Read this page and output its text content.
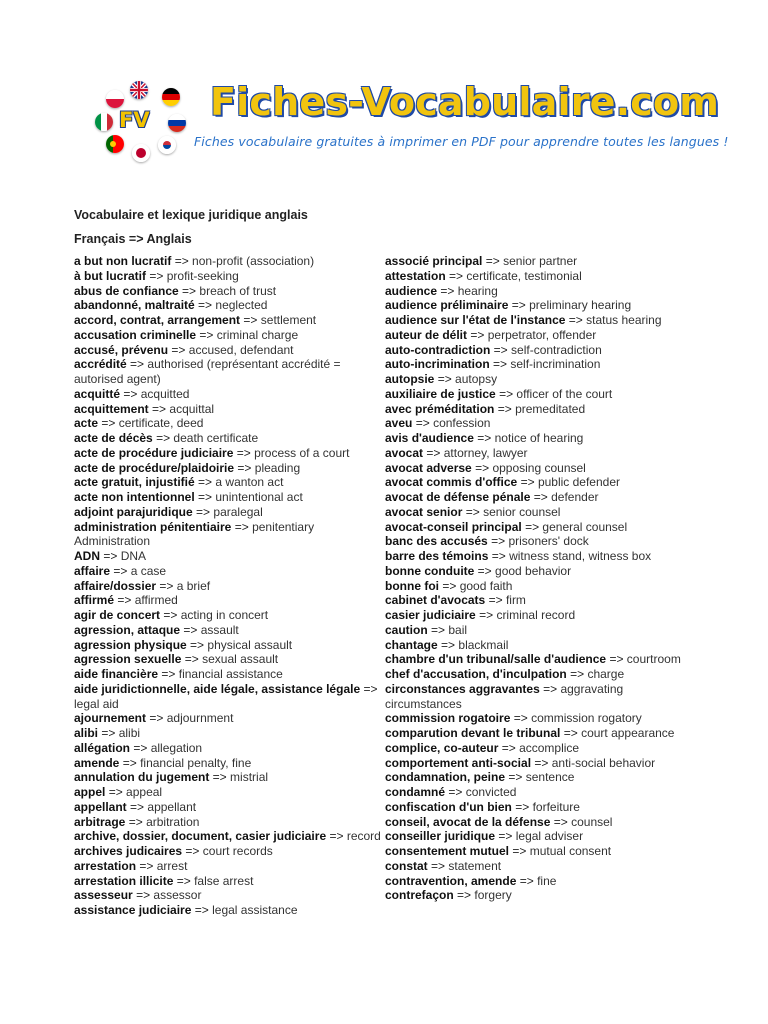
FV Fiches-Vocabulaire.com
Fiches vocabulaire gratuites à imprimer en PDF pour apprendre toutes les langues !
Vocabulaire et lexique juridique anglais
Français => Anglais
a but non lucratif => non-profit (association)
à but lucratif => profit-seeking
abus de confiance => breach of trust
abandonné, maltraité => neglected
accord, contrat, arrangement => settlement
accusation criminelle => criminal charge
accusé, prévenu => accused, defendant
accrédité => authorised (représentant accrédité = autorised agent)
acquitté => acquitted
acquittement => acquittal
acte => certificate, deed
acte de décès => death certificate
acte de procédure judiciaire => process of a court
acte de procédure/plaidoirie => pleading
acte gratuit, injustifié => a wanton act
acte non intentionnel => unintentional act
adjoint parajuridique => paralegal
administration pénitentiaire => penitentiary Administration
ADN => DNA
affaire => a case
affaire/dossier => a brief
affirmé => affirmed
agir de concert => acting in concert
agression, attaque => assault
agression physique => physical assault
agression sexuelle => sexual assault
aide financière => financial assistance
aide juridictionnelle, aide légale, assistance légale => legal aid
ajournement => adjournment
alibi => alibi
allégation => allegation
amende => financial penalty, fine
annulation du jugement => mistrial
appel => appeal
appellant => appellant
arbitrage => arbitration
archive, dossier, document, casier judiciaire => record
archives judicaires => court records
arrestation => arrest
arrestation illicite => false arrest
assesseur => assessor
assistance judiciaire => legal assistance
associé principal => senior partner
attestation => certificate, testimonial
audience => hearing
audience préliminaire => preliminary hearing
audience sur l'état de l'instance => status hearing
auteur de délit => perpetrator, offender
auto-contradiction => self-contradiction
auto-incrimination => self-incrimination
autopsie => autopsy
auxiliaire de justice => officer of the court
avec préméditation => premeditated
aveu => confession
avis d'audience => notice of hearing
avocat => attorney, lawyer
avocat adverse => opposing counsel
avocat commis d'office => public defender
avocat de défense pénale => defender
avocat senior => senior counsel
avocat-conseil principal => general counsel
banc des accusés => prisoners' dock
barre des témoins => witness stand, witness box
bonne conduite => good behavior
bonne foi => good faith
cabinet d'avocats => firm
casier judiciaire => criminal record
caution => bail
chantage => blackmail
chambre d'un tribunal/salle d'audience => courtroom
chef d'accusation, d'inculpation => charge
circonstances aggravantes => aggravating circumstances
commission rogatoire => commission rogatory
comparution devant le tribunal => court appearance
complice, co-auteur => accomplice
comportement anti-social => anti-social behavior
condamnation, peine => sentence
condamné => convicted
confiscation d'un bien => forfeiture
conseil, avocat de la défense => counsel
conseiller juridique => legal adviser
consentement mutuel => mutual consent
constat => statement
contravention, amende => fine
contrefaçon => forgery
